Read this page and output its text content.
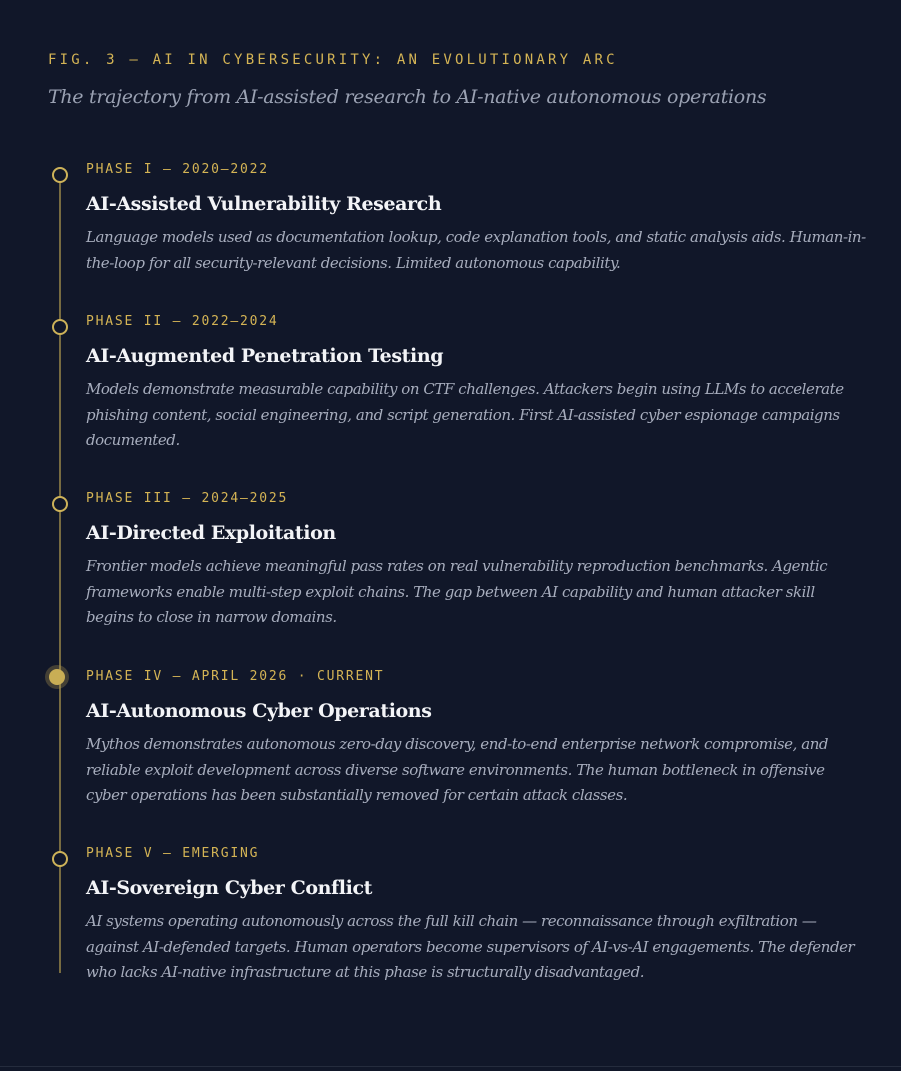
FIG. 3 — AI IN CYBERSECURITY: AN EVOLUTIONARY ARC
The trajectory from AI-assisted research to AI-native autonomous operations
PHASE I — 2020–2022
AI-Assisted Vulnerability Research
Language models used as documentation lookup, code explanation tools, and static analysis aids. Human-in-the-loop for all security-relevant decisions. Limited autonomous capability.
PHASE II — 2022–2024
AI-Augmented Penetration Testing
Models demonstrate measurable capability on CTF challenges. Attackers begin using LLMs to accelerate phishing content, social engineering, and script generation. First AI-assisted cyber espionage campaigns documented.
PHASE III — 2024–2025
AI-Directed Exploitation
Frontier models achieve meaningful pass rates on real vulnerability reproduction benchmarks. Agentic frameworks enable multi-step exploit chains. The gap between AI capability and human attacker skill begins to close in narrow domains.
PHASE IV — APRIL 2026 · CURRENT
AI-Autonomous Cyber Operations
Mythos demonstrates autonomous zero-day discovery, end-to-end enterprise network compromise, and reliable exploit development across diverse software environments. The human bottleneck in offensive cyber operations has been substantially removed for certain attack classes.
PHASE V — EMERGING
AI-Sovereign Cyber Conflict
AI systems operating autonomously across the full kill chain — reconnaissance through exfiltration — against AI-defended targets. Human operators become supervisors of AI-vs-AI engagements. The defender who lacks AI-native infrastructure at this phase is structurally disadvantaged.
